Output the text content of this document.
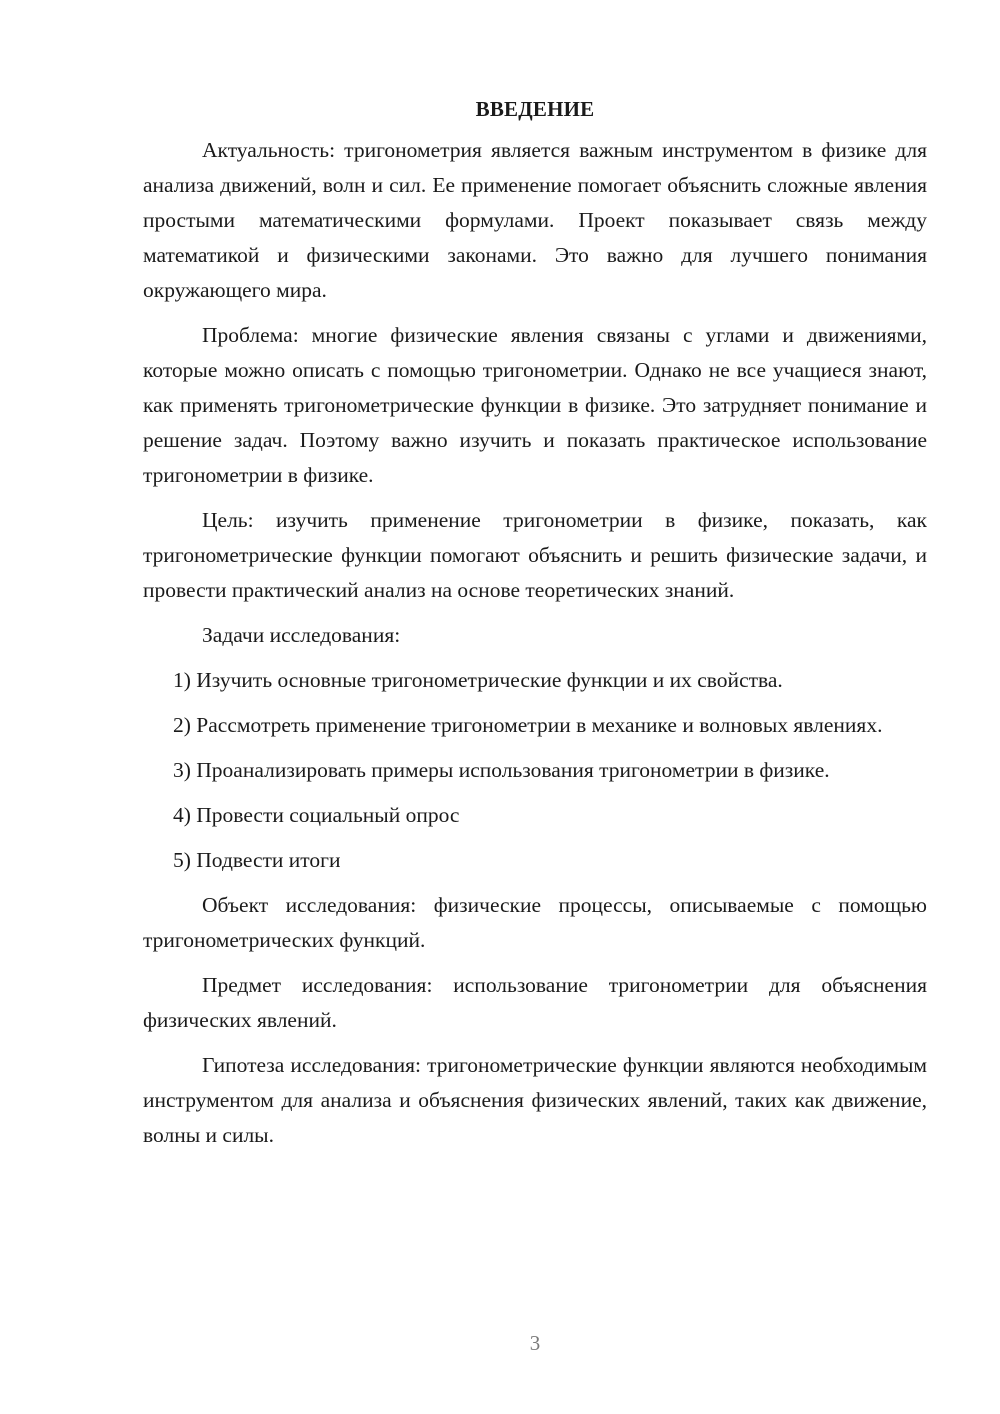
ВВЕДЕНИЕ

Актуальность: тригонометрия является важным инструментом в физике для анализа движений, волн и сил. Ее применение помогает объяснить сложные явления простыми математическими формулами. Проект показывает связь между математикой и физическими законами. Это важно для лучшего понимания окружающего мира.

Проблема: многие физические явления связаны с углами и движениями, которые можно описать с помощью тригонометрии. Однако не все учащиеся знают, как применять тригонометрические функции в физике. Это затрудняет понимание и решение задач. Поэтому важно изучить и показать практическое использование тригонометрии в физике.

Цель: изучить применение тригонометрии в физике, показать, как тригонометрические функции помогают объяснить и решить физические задачи, и провести практический анализ на основе теоретических знаний.

Задачи исследования:

1) Изучить основные тригонометрические функции и их свойства.

2) Рассмотреть применение тригонометрии в механике и волновых явлениях.

3) Проанализировать примеры использования тригонометрии в физике.

4) Провести социальный опрос

5) Подвести итоги

Объект исследования: физические процессы, описываемые с помощью тригонометрических функций.

Предмет исследования: использование тригонометрии для объяснения физических явлений.

Гипотеза исследования: тригонометрические функции являются необходимым инструментом для анализа и объяснения физических явлений, таких как движение, волны и силы.

3
